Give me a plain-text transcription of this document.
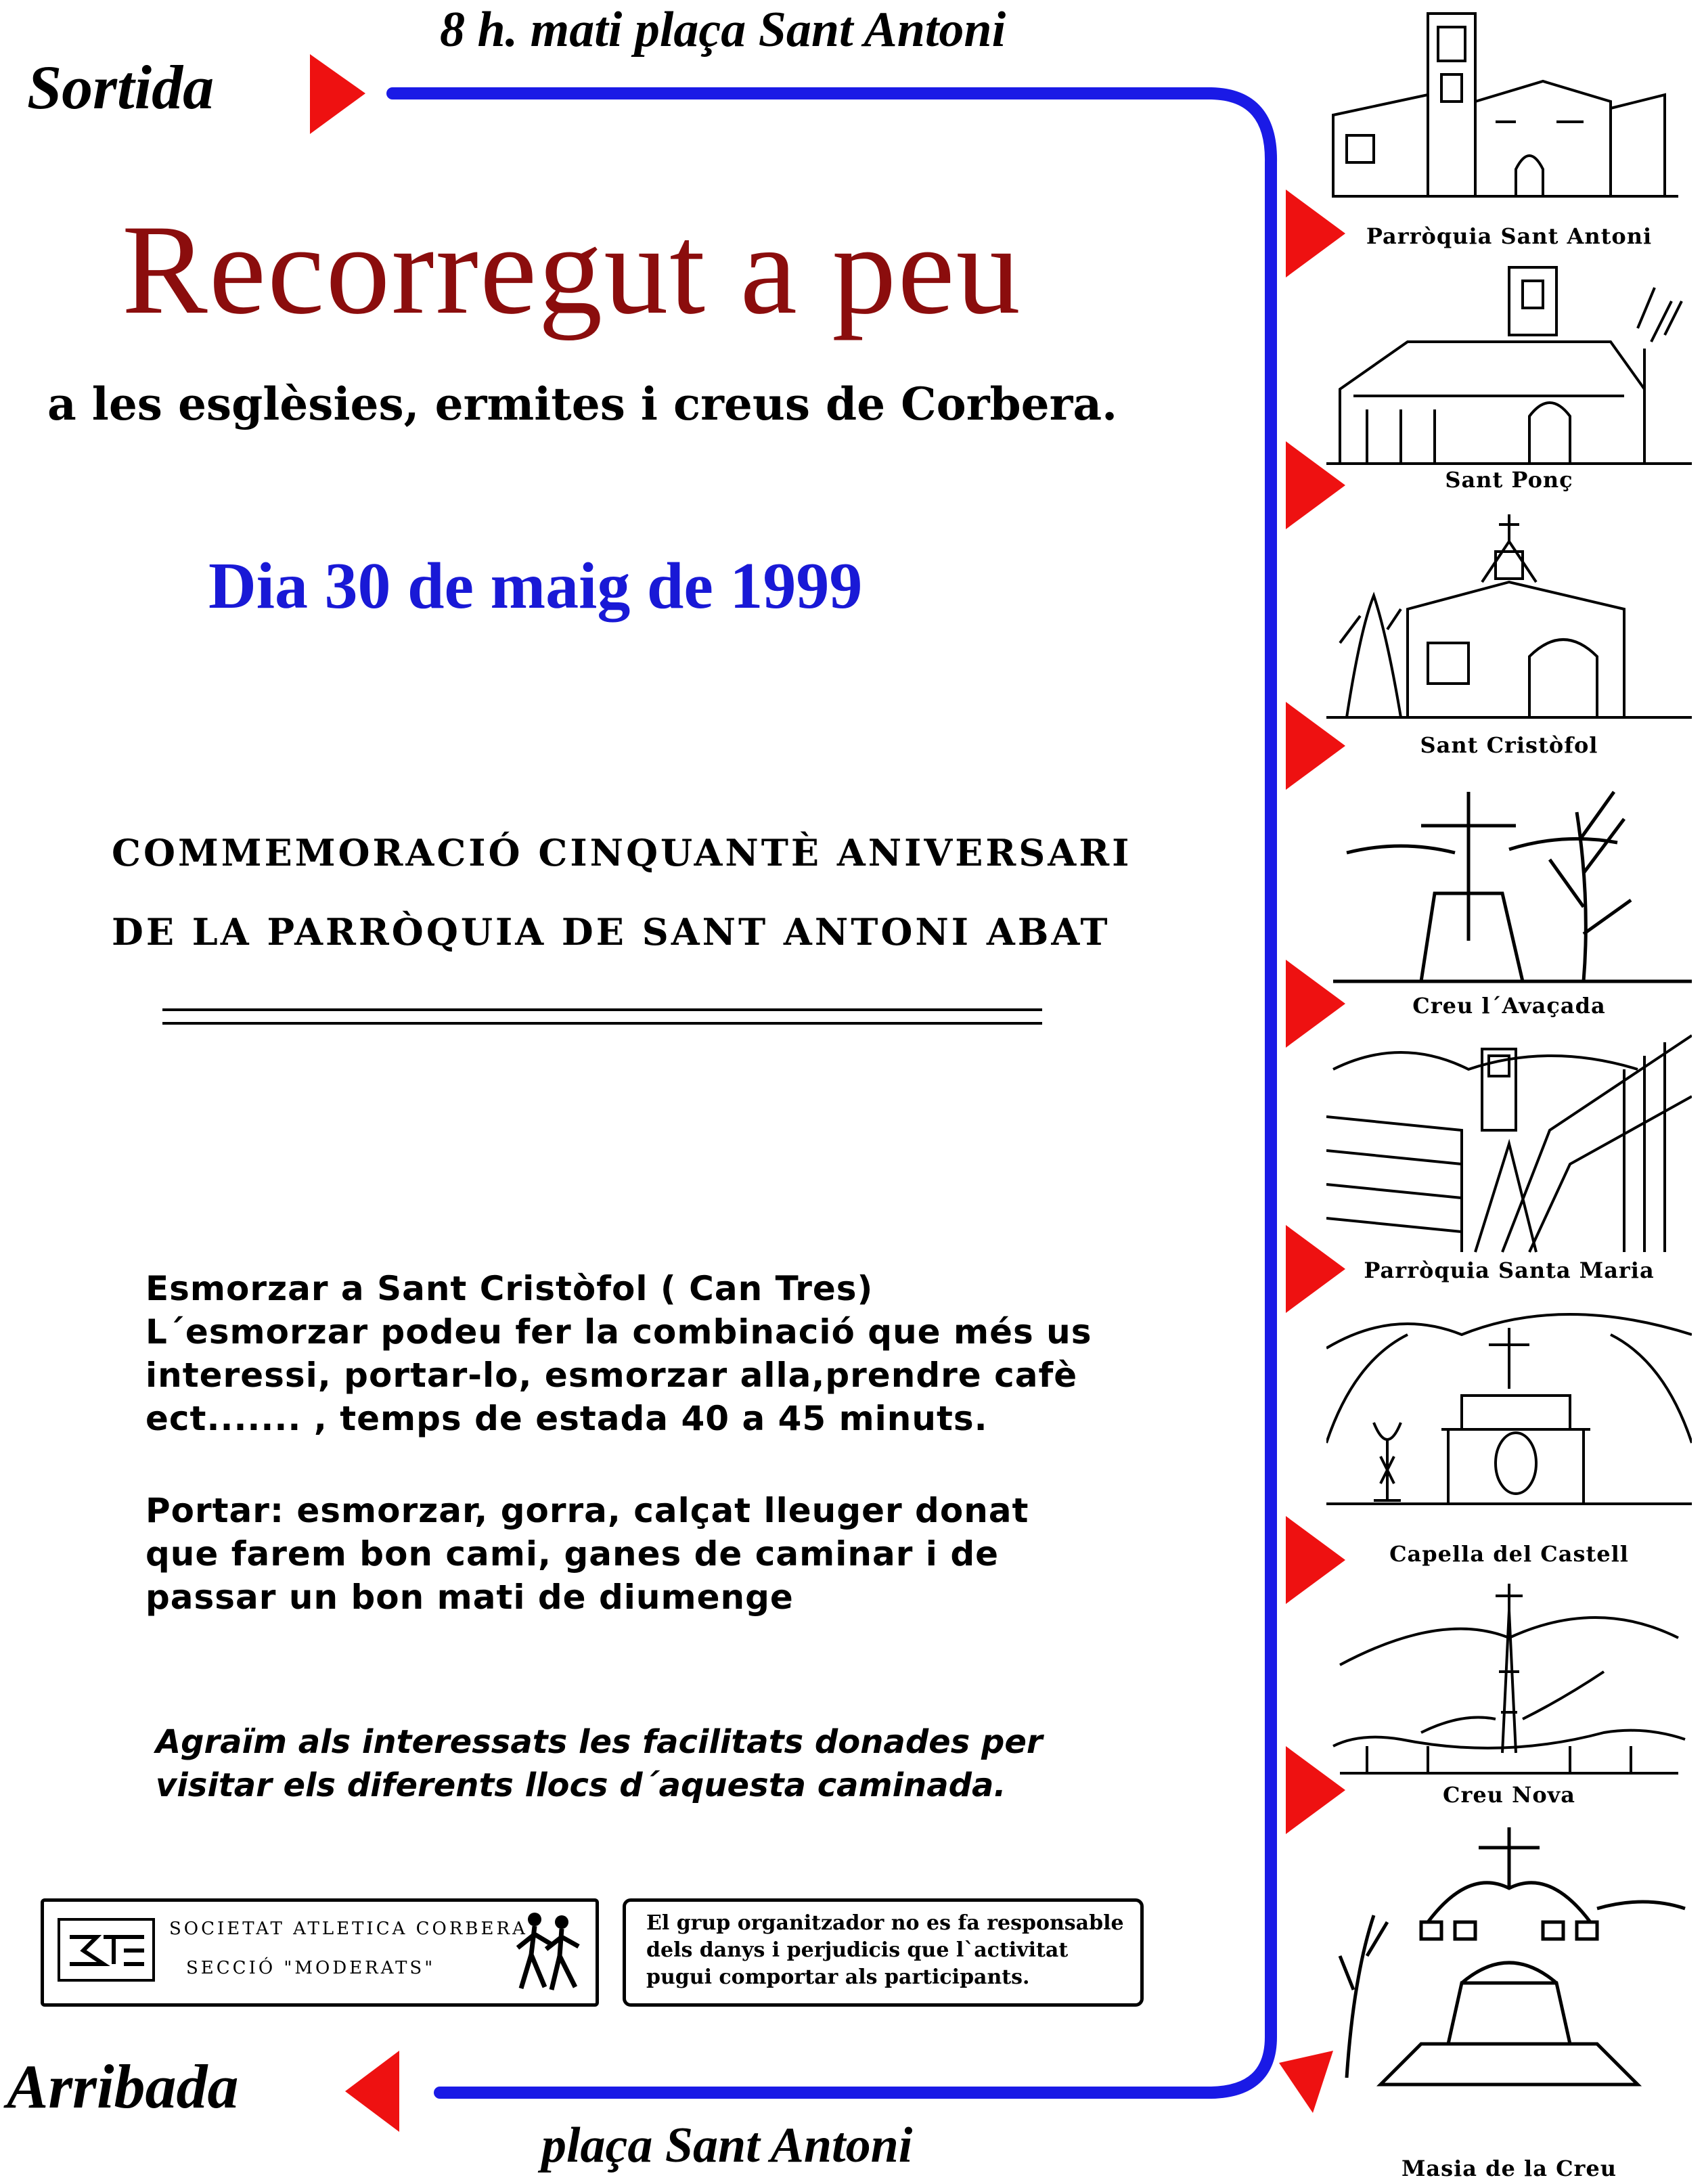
Sortida
8 h. mati plaça Sant Antoni
Arribada
plaça Sant Antoni
Recorregut a peu
a les esglèsies, ermites i creus de Corbera.
Dia 30 de maig de 1999
COMMEMORACIÓ CINQUANTÈ ANIVERSARI
DE LA PARRÒQUIA DE SANT ANTONI ABAT
Esmorzar a Sant Cristòfol ( Can Tres)
L´esmorzar podeu fer la combinació que més us
interessi, portar-lo, esmorzar alla,prendre cafè
ect....... , temps de estada 40 a 45 minuts.
Portar: esmorzar, gorra, calçat lleuger donat
que farem bon cami, ganes de caminar i de
passar un bon mati de diumenge
Agraïm als interessats les facilitats donades per
visitar els diferents llocs d´aquesta caminada.
SOCIETAT ATLETICA CORBERA
SECCIÓ "MODERATS"
El grup organitzador no es fa responsable
dels danys i perjudicis que l`activitat
pugui comportar als participants.
Parròquia Sant Antoni
Sant Ponç
Sant Cristòfol
Creu l´Avaçada
Parròquia Santa Maria
Capella del Castell
Creu Nova
Masia de la Creu
